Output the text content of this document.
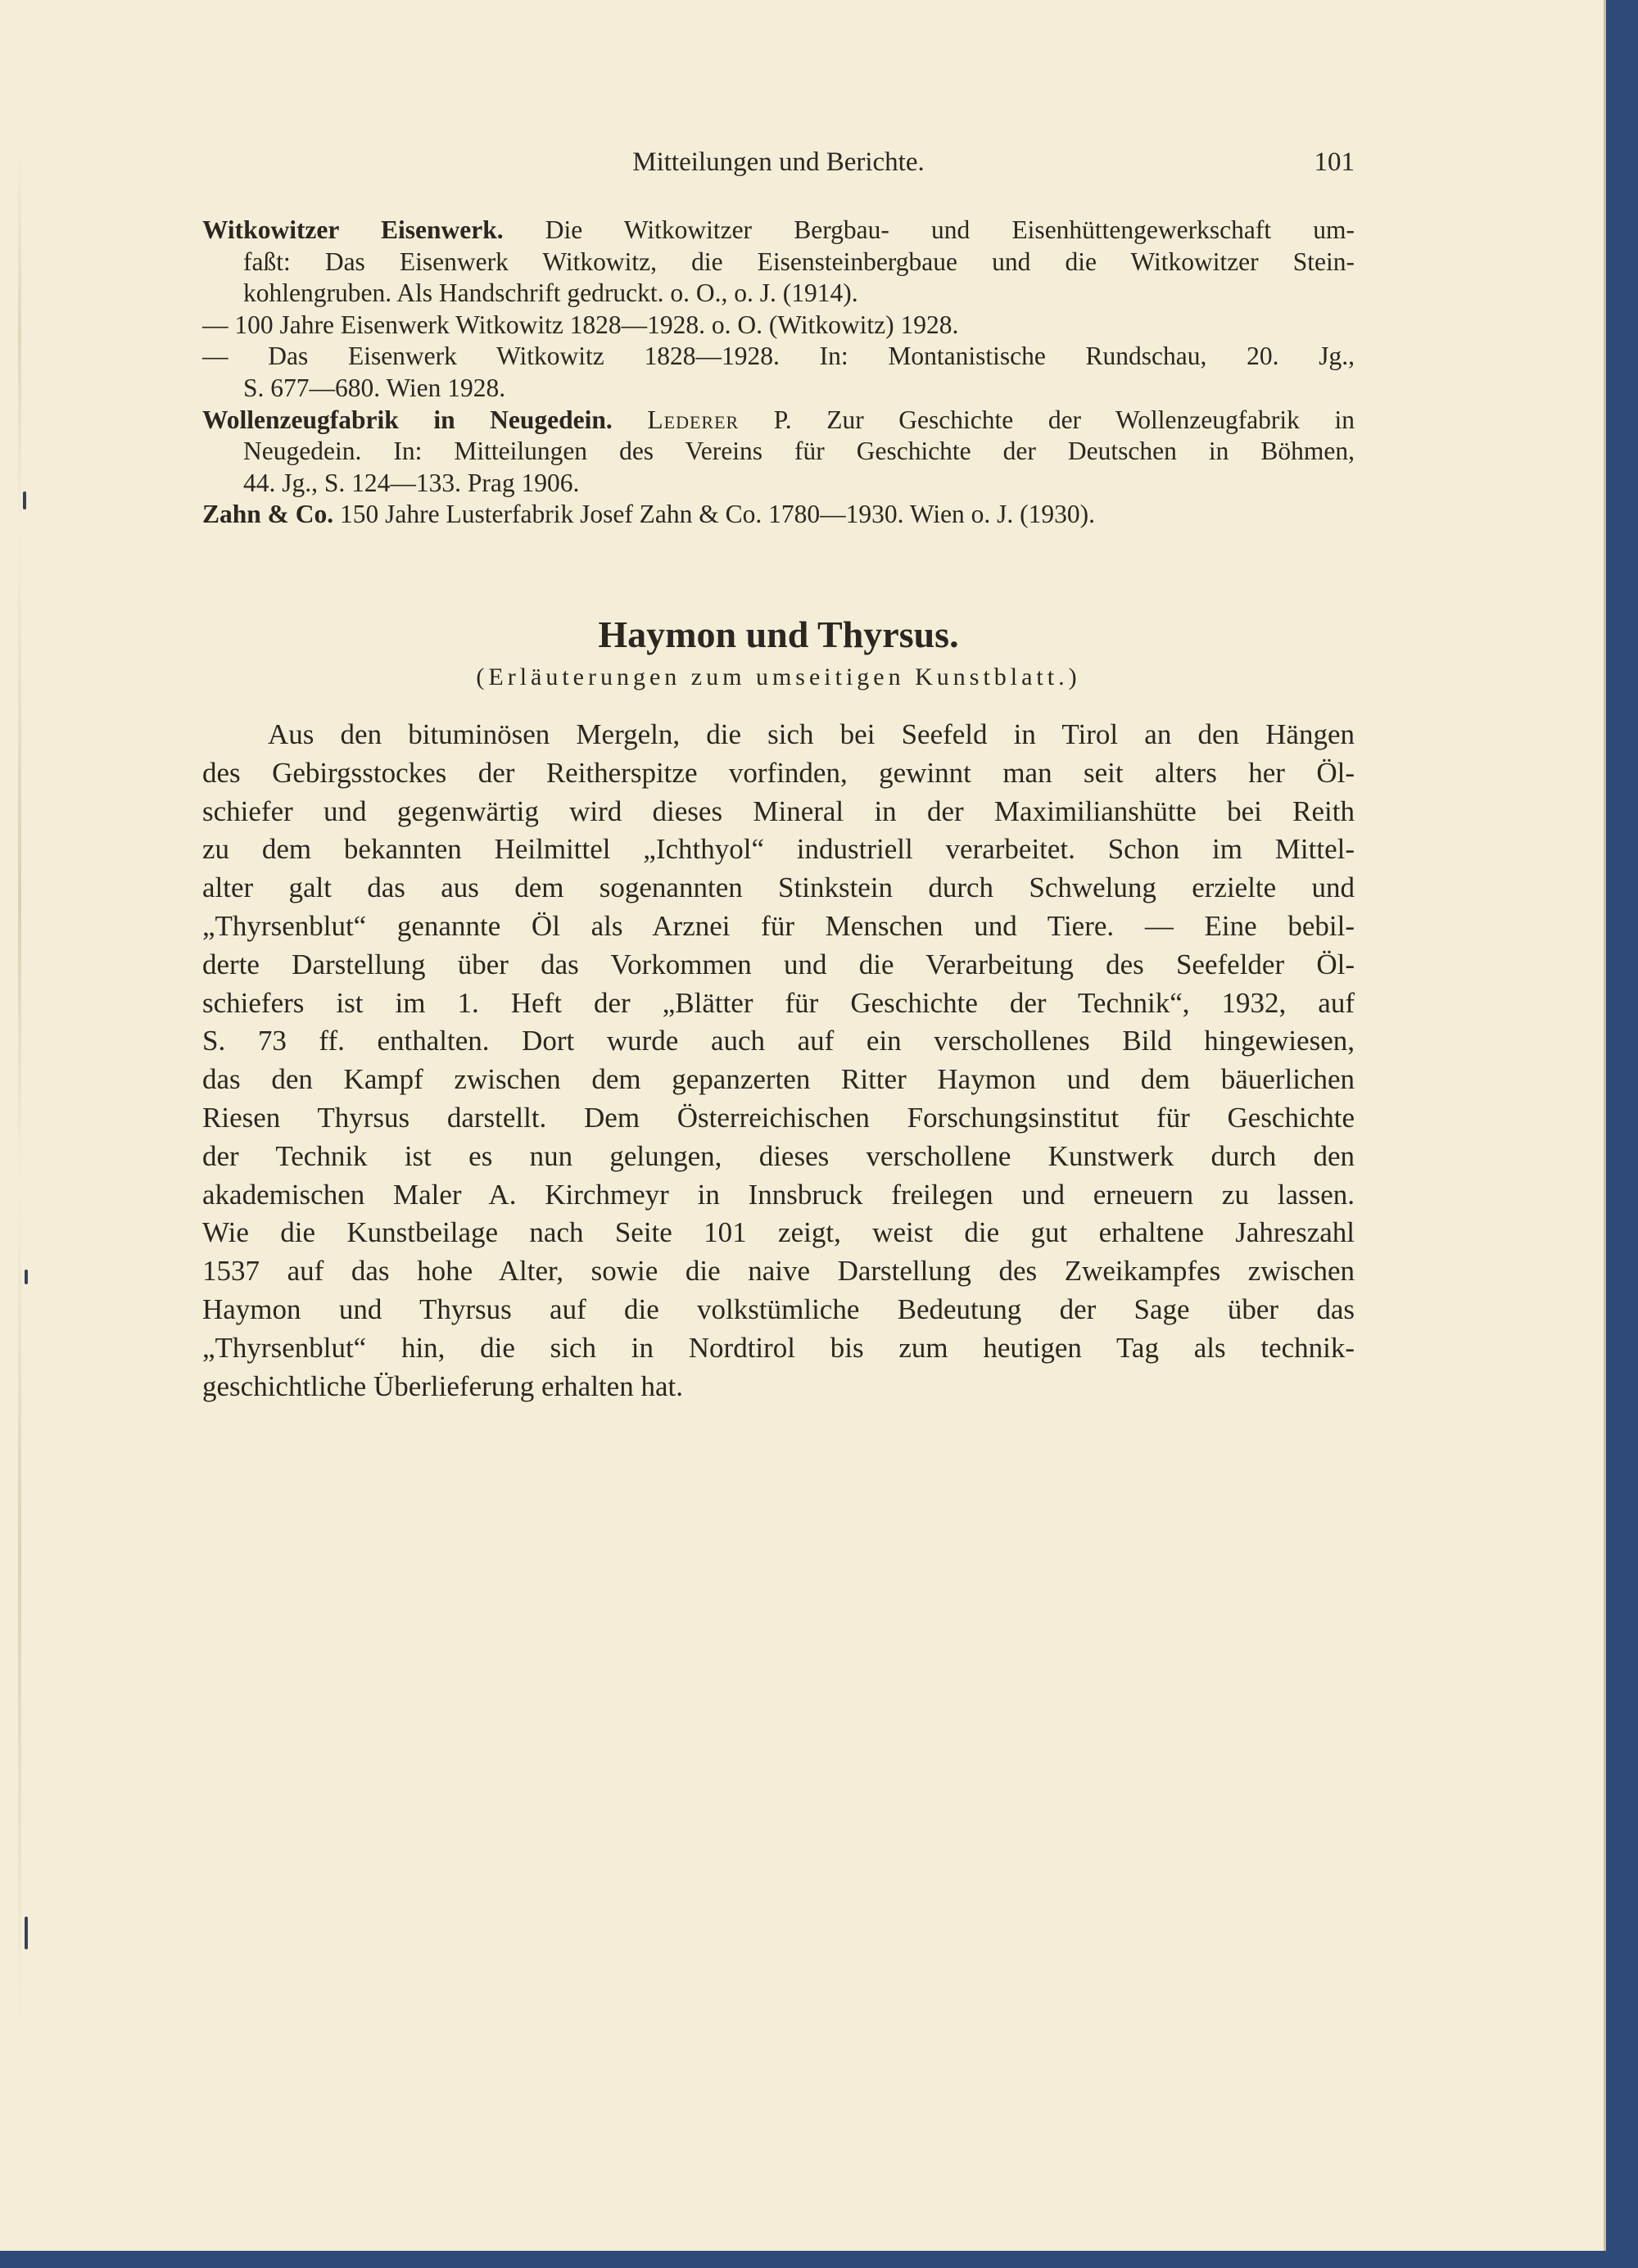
Mitteilungen und Berichte.	101
Witkowitzer Eisenwerk. Die Witkowitzer Bergbau- und Eisenhüttengewerkschaft um-
faßt: Das Eisenwerk Witkowitz, die Eisensteinbergbaue und die Witkowitzer Stein-
kohlengruben. Als Handschrift gedruckt. o. O., o. J. (1914).
— 100 Jahre Eisenwerk Witkowitz 1828—1928. o. O. (Witkowitz) 1928.
— Das Eisenwerk Witkowitz 1828—1928. In: Montanistische Rundschau, 20. Jg.,
S. 677—680. Wien 1928.
Wollenzeugfabrik in Neugedein. Lederer P. Zur Geschichte der Wollenzeugfabrik in
Neugedein. In: Mitteilungen des Vereins für Geschichte der Deutschen in Böhmen,
44. Jg., S. 124—133. Prag 1906.
Zahn & Co. 150 Jahre Lusterfabrik Josef Zahn & Co. 1780—1930. Wien o. J. (1930).
Haymon und Thyrsus.
(Erläuterungen zum umseitigen Kunstblatt.)
Aus den bituminösen Mergeln, die sich bei Seefeld in Tirol an den Hängen
des Gebirgsstockes der Reitherspitze vorfinden, gewinnt man seit alters her Öl-
schiefer und gegenwärtig wird dieses Mineral in der Maximilianshütte bei Reith
zu dem bekannten Heilmittel „Ichthyol“ industriell verarbeitet. Schon im Mittel-
alter galt das aus dem sogenannten Stinkstein durch Schwelung erzielte und
„Thyrsenblut“ genannte Öl als Arznei für Menschen und Tiere. — Eine bebil-
derte Darstellung über das Vorkommen und die Verarbeitung des Seefelder Öl-
schiefers ist im 1. Heft der „Blätter für Geschichte der Technik“, 1932, auf
S. 73 ff. enthalten. Dort wurde auch auf ein verschollenes Bild hingewiesen,
das den Kampf zwischen dem gepanzerten Ritter Haymon und dem bäuerlichen
Riesen Thyrsus darstellt. Dem Österreichischen Forschungsinstitut für Geschichte
der Technik ist es nun gelungen, dieses verschollene Kunstwerk durch den
akademischen Maler A. Kirchmeyr in Innsbruck freilegen und erneuern zu lassen.
Wie die Kunstbeilage nach Seite 101 zeigt, weist die gut erhaltene Jahreszahl
1537 auf das hohe Alter, sowie die naive Darstellung des Zweikampfes zwischen
Haymon und Thyrsus auf die volkstümliche Bedeutung der Sage über das
„Thyrsenblut“ hin, die sich in Nordtirol bis zum heutigen Tag als technik-
geschichtliche Überlieferung erhalten hat.
